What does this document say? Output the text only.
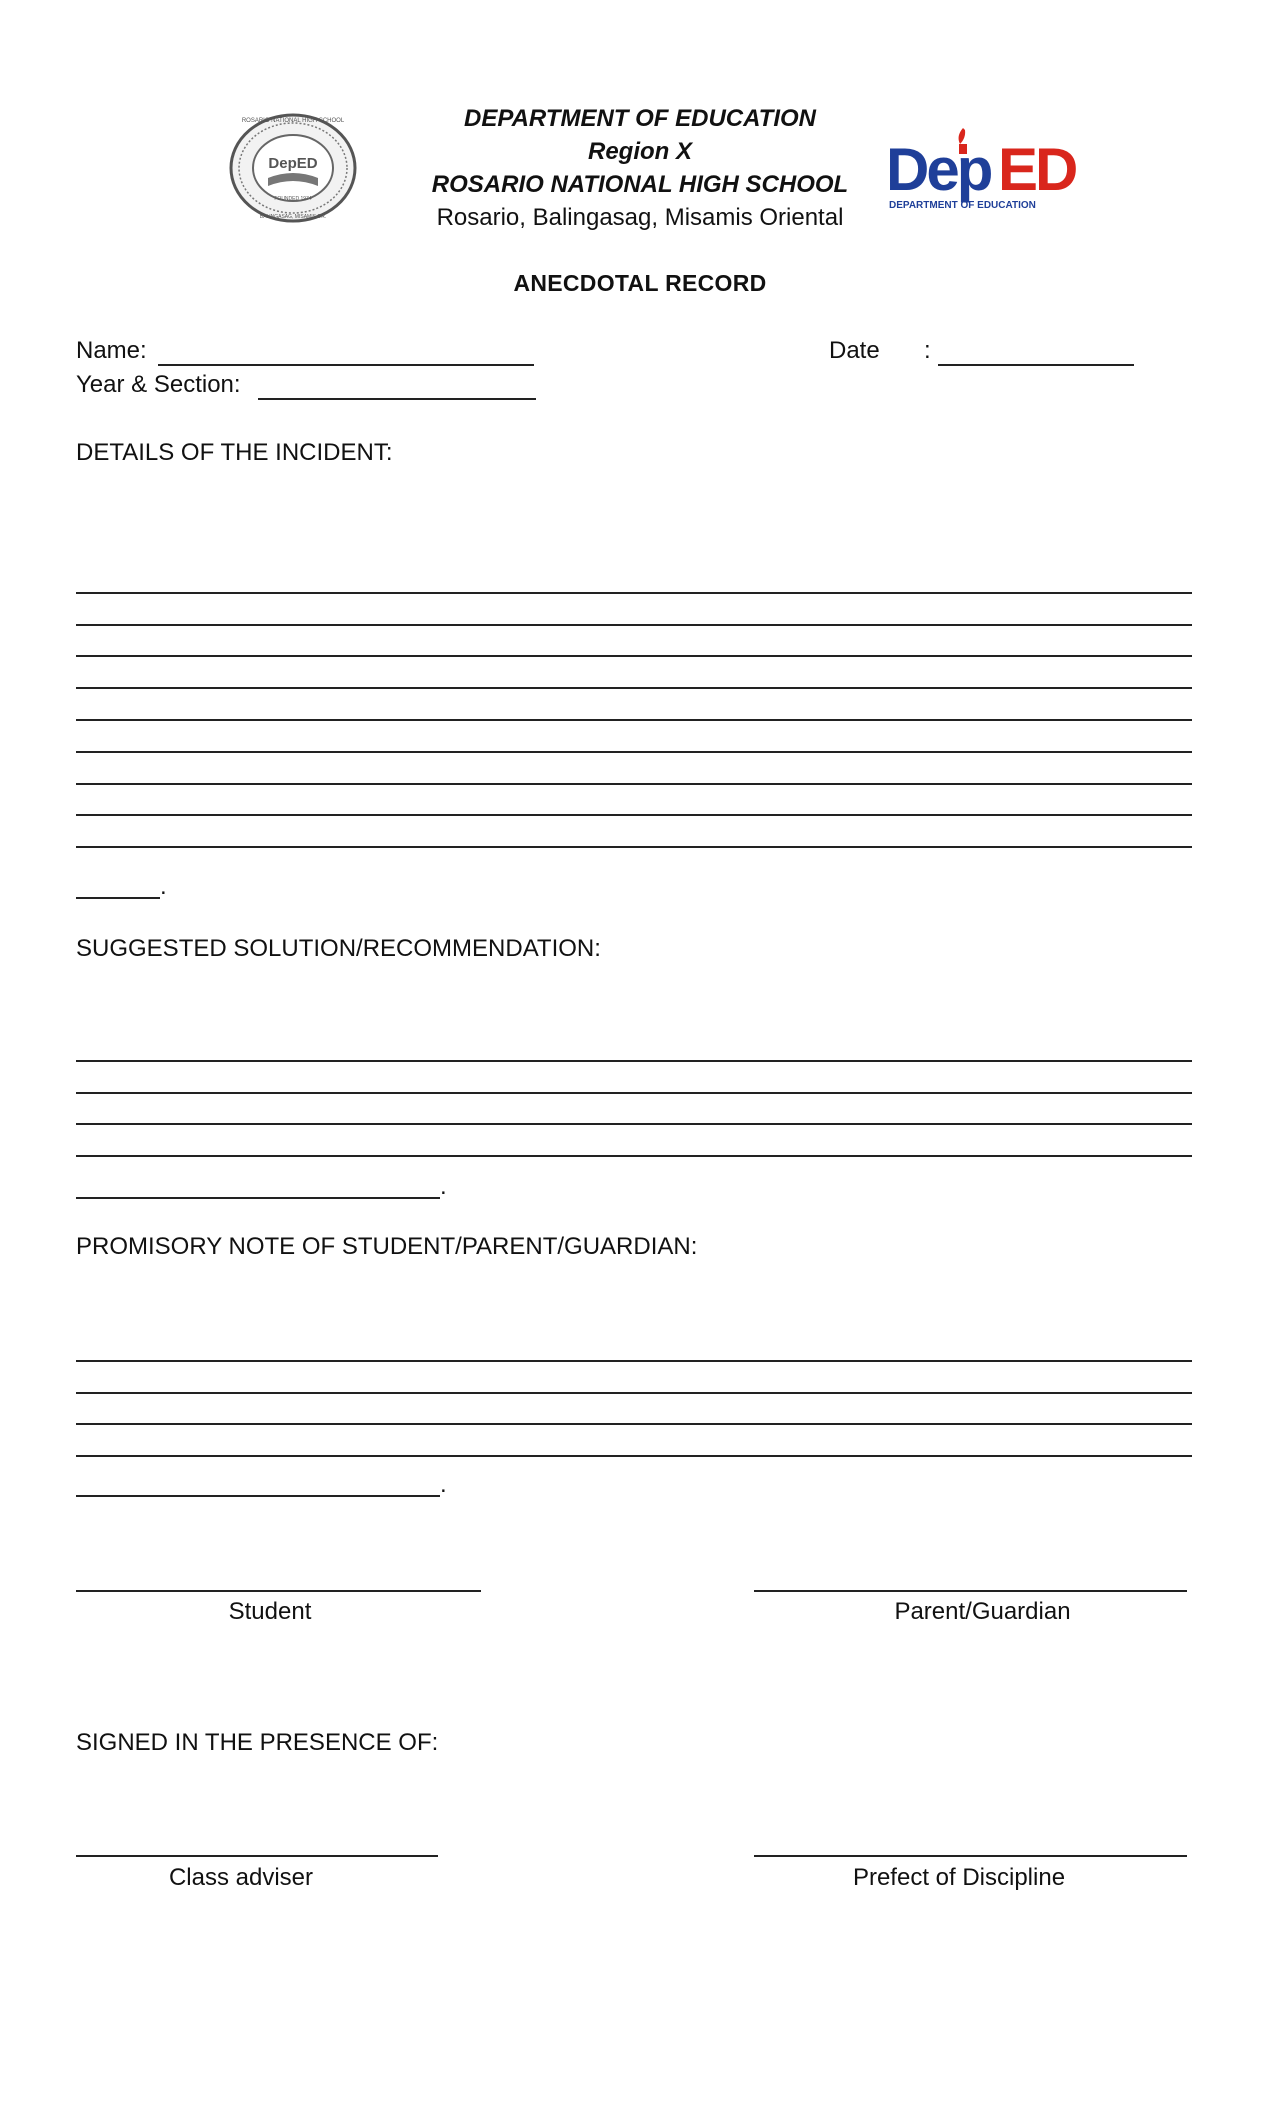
DepED
FOUNDED 1974
ROSARIO NATIONAL HIGH SCHOOL
BALINGASAG, MISAMIS OR.
DEPARTMENT OF EDUCATION
Region X
ROSARIO NATIONAL HIGH SCHOOL
Rosario, Balingasag, Misamis Oriental
Dep ED
DEPARTMENT OF EDUCATION
ANECDOTAL RECORD
Name:	Date :
Year & Section:
DETAILS OF THE INCIDENT:
.
SUGGESTED SOLUTION/RECOMMENDATION:
.
PROMISORY NOTE OF STUDENT/PARENT/GUARDIAN:
.
Student	Parent/Guardian
SIGNED IN THE PRESENCE OF:
Class adviser	Prefect of Discipline
